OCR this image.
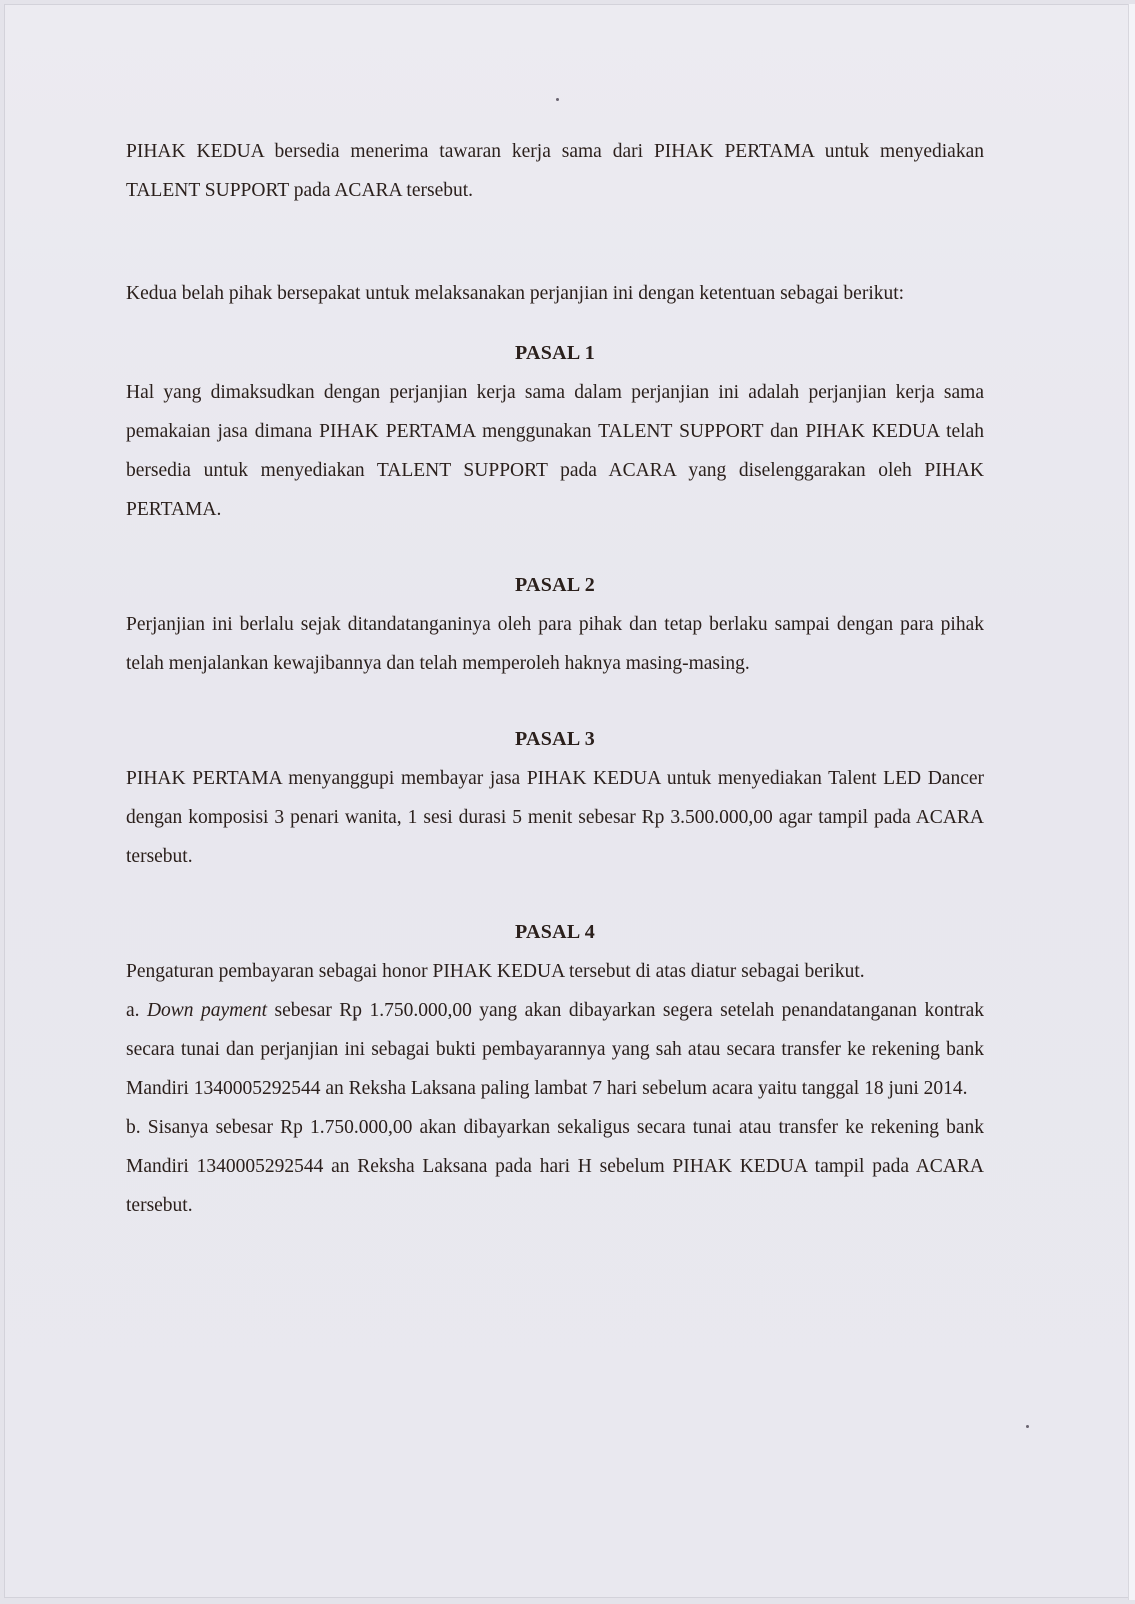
PIHAK KEDUA bersedia menerima tawaran kerja sama dari PIHAK PERTAMA untuk menyediakan TALENT SUPPORT pada ACARA tersebut.

Kedua belah pihak bersepakat untuk melaksanakan perjanjian ini dengan ketentuan sebagai berikut:

PASAL 1

Hal yang dimaksudkan dengan perjanjian kerja sama dalam perjanjian ini adalah perjanjian kerja sama pemakaian jasa dimana PIHAK PERTAMA menggunakan TALENT SUPPORT dan PIHAK KEDUA telah bersedia untuk menyediakan TALENT SUPPORT pada ACARA yang diselenggarakan oleh PIHAK PERTAMA.

PASAL 2

Perjanjian ini berlalu sejak ditandatanganinya oleh para pihak dan tetap berlaku sampai dengan para pihak telah menjalankan kewajibannya dan telah memperoleh haknya masing-masing.

PASAL 3

PIHAK PERTAMA menyanggupi membayar jasa PIHAK KEDUA untuk menyediakan Talent LED Dancer dengan komposisi 3 penari wanita, 1 sesi durasi 5 menit sebesar Rp 3.500.000,00 agar tampil pada ACARA tersebut.

PASAL 4

Pengaturan pembayaran sebagai honor PIHAK KEDUA tersebut di atas diatur sebagai berikut.

a. Down payment sebesar Rp 1.750.000,00 yang akan dibayarkan segera setelah penandatanganan kontrak secara tunai dan perjanjian ini sebagai bukti pembayarannya yang sah atau secara transfer ke rekening bank Mandiri 1340005292544 an Reksha Laksana paling lambat 7 hari sebelum acara yaitu tanggal 18 juni 2014.

b. Sisanya sebesar Rp 1.750.000,00 akan dibayarkan sekaligus secara tunai atau transfer ke rekening bank Mandiri 1340005292544 an Reksha Laksana pada hari H sebelum PIHAK KEDUA tampil pada ACARA tersebut.
